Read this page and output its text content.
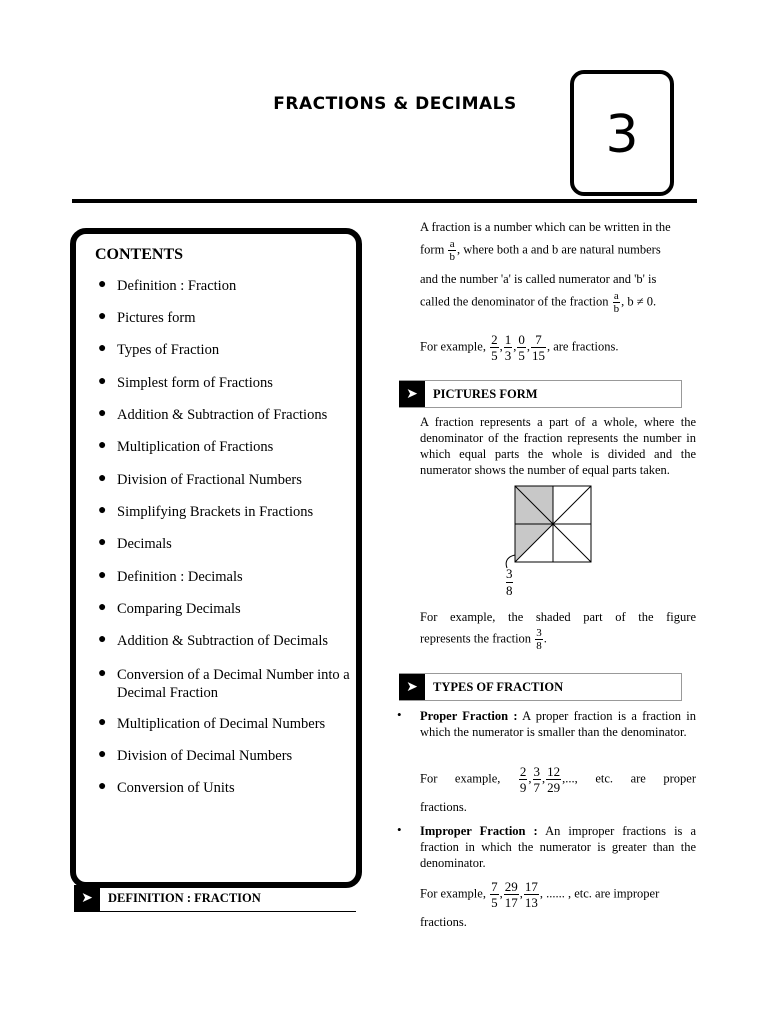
FRACTIONS & DECIMALS
3
CONTENTS
● Definition : Fraction
● Pictures form
● Types of Fraction
● Simplest form of Fractions
● Addition & Subtraction of Fractions
● Multiplication of Fractions
● Division of Fractional Numbers
● Simplifying Brackets in Fractions
● Decimals
● Definition : Decimals
● Comparing Decimals
● Addition & Subtraction of Decimals
● Conversion of a Decimal Number into a Decimal Fraction
● Multiplication of Decimal Numbers
● Division of Decimal Numbers
● Conversion of Units
➤	DEFINITION : FRACTION
A fraction is a number which can be written in the
form $\frac{a}{b}$ , where both a and b are natural numbers
and the number 'a' is called numerator and 'b' is
called the denominator of the fraction $\frac{a}{b}$ , b ≠ 0.
For example, $\frac{2}{5}$ , $\frac{1}{3}$ , $\frac{0}{5}$ , $\frac{7}{15}$ , are fractions.
➤	PICTURES FORM
A fraction represents a part of a whole, where the denominator of the fraction represents the number in which equal parts the whole is divided and the numerator shows the number of equal parts taken.
3
8
For example, the shaded part of the figure
represents the fraction $\frac{3}{8}$ .
➤	TYPES OF FRACTION
• Proper Fraction : A proper fraction is a fraction in which the numerator is smaller than the denominator.
For example, $\frac{2}{9}$ , $\frac{3}{7}$ , $\frac{12}{29}$ ,..., etc. are proper
fractions.
• Improper Fraction : An improper fractions is a fraction in which the numerator is greater than the denominator.
For example, $\frac{7}{5}$ , $\frac{29}{17}$ , $\frac{17}{13}$ , ...... , etc. are improper
fractions.
